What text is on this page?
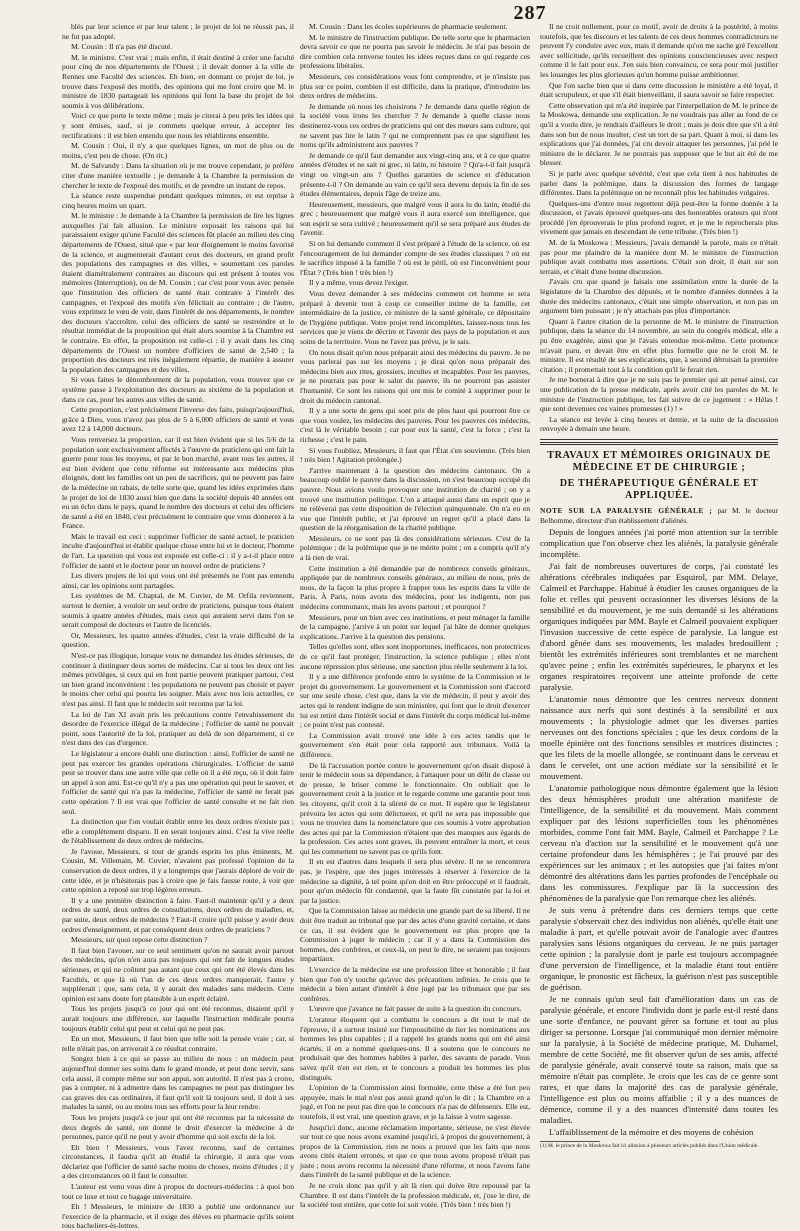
287

blés par leur science et par leur talent ; le projet de loi ne réussit pas, il ne fut pas adopté.

M. Cousin : Il n'a pas été discuté.

M. le ministre. C'est vrai ; mais enfin, il était destiné à créer une faculté pour cinq de nos départements de l'Ouest ; il devait donner à la ville de Rennes une Faculté des sciences. Eh bien, en donnant ce projet de loi, je trouve dans l'exposé des motifs, des opinions qui me font croire que M. le ministre de 1830 partageait les opinions qui font la base du projet de loi soumis à vos délibérations.

Voici ce que porte le texte même ; mais je citerai à peu près les idées qui y sont émises, sauf, si je commets quelque erreur, à accepter les rectifications : il est bien entendu que nous les rétablirons ensemble.

M. Cousin : Oui, il n'y a que quelques lignes, un mot de plus ou de moins, c'est peu de chose. (On rit.)

M. de Salvandy : Dans la situation où je me trouve cependant, je préfère citer d'une manière textuelle ; je demande à la Chambre la permission de chercher le texte de l'exposé des motifs, et de prendre un instant de repos.

La séance reste suspendue pendant quelques minutes, et est reprise à cinq heures moins un quart.

M. le ministre : Je demande à la Chambre la permission de lire les lignes auxquelles j'ai fait allusion. Le ministre exposait les raisons qui lui paraissaient exiger qu'une Faculté des sciences fût placée au milieu des cinq départements de l'Ouest, situé que « par leur éloignement le moins favorisé de la science, et augmenterait d'autant ceux des docteurs, en grand profit des populations des campagnes et des villes, » soumettant ces paroles étaient diamétralement contraires au discours qui est présent à toutes vos mémoires (Interruption), ou de M. Cousin ; car c'est pour vous avec pensée que l'institution des officiers de santé était contraire à l'intérêt des campagnes, et l'exposé des motifs s'en félicitait au contraire ; de l'autre, vous exprimez le vœu de voir, dans l'intérêt de nos départements, le nombre des docteurs s'accroître, celui des officiers de santé se restreindre et le résultat immédiat de la proposition qui était alors soumise à la Chambre est le contraire. En effet, la proposition est celle-ci : il y avait dans les cinq départements de l'Ouest un nombre d'officiers de santé de 2,540 ; la proportion des docteurs est très inégalement répartie, de manière à assurer la population des campagnes et des villes.

Si vous faites le dénombrement de la population, vous trouvez que ce système passe à l'exploitation des docteurs au sixième de la population et dans ce cas, pour les autres aux villes de santé.

Cette proportion, c'est précisément l'inverse des faits, puisqu'aujourd'hui, grâce à Dieu, vous n'avez pas plus de 5 à 6,000 officiers de santé et vous avez 12 à 14,000 docteurs.

Vous renversez la proportion, car il est bien évident que si les 5/6 de la population sont exclusivement affectés à l'œuvre de praticiens qui ont fait la guerre pour tous les moyens, et par le bon marché, avant tous les autres, il est bien évident que cette réforme est intéressante aux médecins plus éloignés, dont les familles ont un peu de sacrifices, qui ne peuvent pas faire de la médecine un rabais, de telle sorte que, quand les idées exprimées dans le projet de loi de 1830 aussi bien que dans la société depuis 40 années ont eu un écho dans le pays, quand le nombre des docteurs et celui des officiers de santé a été en 1840, c'est précisément le contraire que vous donnerez à la France.

Mais le travail est ceci : supprimer l'officier de santé actuel, le praticien inculte d'aujourd'hui et établir quelque chose entre lui et le docteur, l'homme de l'art. La question qui vous est exposée est celle-ci : il y a-t-il place entre l'officier de santé et le docteur pour un nouvel ordre de praticiens ?

Les divers projets de loi qui vous ont été présentés ne l'ont pas entendu ainsi, car les opinions sont partagées.

Les systèmes de M. Chaptal, de M. Cuvier, de M. Orfila reviennent, surtout le dernier, à vouloir un seul ordre de praticiens, puisque tous étaient soumis à quatre années d'études, mais ceux qui auraient servi dans l'on se serait composé de docteurs et l'autre de licenciés.

Or, Messieurs, les quatre années d'études, c'est la vraie difficulté de la question.

N'est-ce pas illogique, lorsque vous ne demandez les études sérieuses, de continuer à distinguer deux sortes de médecins. Car si tous les deux ont les mêmes privilèges, si ceux qui en font partie peuvent pratiquer partout, c'est un bien grand inconvénient : les populations ne peuvent pas choisir et payer le moins cher celui qui pourra les soigner. Mais avec nos lois actuelles, ce n'est pas ainsi. Il faut que le médecin soit reconnu par la loi.

La loi de l'an XI avait pris les précautions contre l'envahissement du desordre de l'exercice illégal de la médecine ; l'officier de santé ne pouvait point, sous l'autorité de la loi, pratiquer au delà de son département, si ce n'est dans des cas d'urgence.

Le législateur a encore établi une distinction : ainsi, l'officier de santé ne peut pas exercer les grandes opérations chirurgicales. L'officier de santé peut se trouver dans une autre ville que celle où il a été reçu, où il doit faire un appel à son ami. Est-ce qu'il n'y a pas une opération qui peut le sauver, et l'officier de santé qui n'a pas la médecine, l'officier de santé ne ferait pas cette opération ? Il est vrai que l'officier de santé consulte et ne fait rien seul.

La distinction que l'on voulait établir entre les deux ordres n'existe pas ; elle a complètement disparu. Il en serait toujours ainsi. C'est la vive réelle de l'établissement de deux ordres de médecins.

Je l'avoue, Messieurs, si tout de grands esprits les plus éminents, M. Cousin, M. Villemain, M. Cuvier, n'avaient pas professé l'opinion de la conservation de deux ordres, il y a longtemps que j'aurais déploré de voir de cette idée, et je n'hésiterais pas à croire que je fais fausse route, à voir que cette opinion a reposé sur trop légères erreurs.

Il y a une première distinction à faire. Faut-il maintenir qu'il y a deux ordres de santé, deux ordres de consultations, deux ordres de maladies, et, par suite, deux ordres de médecins ? Faut-il croire qu'il puisse y avoir deux ordres d'enseignement, et par conséquent deux ordres de praticiens ?

Messieurs, sur quoi repose cette distinction ?

Il faut bien l'avouer, sur ce seul sentiment qu'on ne saurait avoir partout des médecins, qu'on n'en aura pas toujours qui ont fait de longues études sérieuses, et qui ne coûtent pas autant que ceux qui ont été élevés dans les Facultés, et que là où l'un de ces deux ordres manquerait, l'autre y suppléerait ; que, sans cela, il y aurait des malades sans médecin. Cette opinion est sans doute fort plausible à un esprit éclairé.

Tous les projets jusqu'à ce jour qui ont été reconnus, disaient qu'il y aurait toujours une différence, sur laquelle l'instruction médicale pourra toujours établir celui qui peut et celui qui ne peut pas.

En un mot, Messieurs, il faut bien que telle soit la pensée vraie ; car, si telle n'était pas, on arriverait à ce résultat contraire.

Songez bien à ce qui se passe au milieu de nous : un médecin peut aujourd'hui donner ses soins dans le grand monde, et peut donc servir, sans cela aussi, il compte même sur son appui, son autorité. Il n'est pas à croire, pas à compter, ni à admettre dans les campagnes ne peut pas distinguer les cas graves des cas ordinaires, il faut qu'il soit là toujours seul, il doit à ses malades la santé, ou au moins tous ses efforts pour la leur rendre.

Tous les projets jusqu'à ce jour qui ont été reconnus par la nécessité de deux degrés de santé, ont donné le droit d'exercer la médecine à de personnes, parce qu'il ne peut y avoir d'homme qui soit exclu de la loi.

Eh bien ! Messieurs, vous l'avez reconnu, sauf de certaines circonstances, il faudra qu'il ait étudié la chirurgie, il aura que vous déclariez que l'officier de santé sache moins de choses, moins d'études ; il y a des circonstances où il faut le consulter.

L'auteur est venu vous dire à propos de docteurs-médecins : à quoi bon tout ce luxe et tout ce bagage universitaire.

Eh ! Messieurs, le ministre de 1830 a publié une ordonnance sur l'exercice de la pharmacie, et il exige des élèves en pharmacie qu'ils soient tous bacheliers-ès-lettres.

M. Cousin : Dans les écoles supérieures de pharmacie seulement.

M. le ministre de l'instruction publique. De telle sorte que le pharmacien devra savoir ce que ne pourra pas savoir le médecin. Je n'ai pas besoin de dire combien cela renverse toutes les idées reçues dans ce qui regarde ces professions libérales.

Messieurs, ces considérations vous font comprendre, et je n'insiste pas plus sur ce point, combien il est difficile, dans la pratique, d'introduire les deux ordres de médecins.

Je demande où nous les choisirons ? Je demande dans quelle région de la société vous irons les chercher ? Je demande à quelle classe nous destinerez-vous ces ordres de praticiens qui ont des mœurs sans culture, qui ne savent pas lire le latin ? qui ne comprennent pas ce que signifient les noms qu'ils administrent aux pauvres ?

Je demande ce qu'il faut demander aux vingt-cinq ans, et à ce que quatre années d'études et ne sait ni grec, ni latin, ni histoire ? Qu'a-t-il fait jusqu'à vingt ou vingt-un ans ? Quelles garanties de science et d'éducation présente-t-il ? On demande au vain ce qu'il sera devenu depuis la fin de ses études élémentaires, depuis l'âge de treize ans.

Heureusement, messieurs, que malgré vous il aura lu du latin, étudié du grec ; heureusement que malgré vous il aura exercé son intelligence, que son esprit se sera cultivé ; heureusement qu'il se sera préparé aux études de l'avenir.

Si on lui demande comment il s'est préparé à l'étude de la science, où est l'encouragement de lui demander compte de ses études classiques ? où est le sacrifice imposé à la famille ? où est le péril, où est l'inconvénient pour l'État ? (Très bien ! très bien !)

Il y a même, vous devez l'exiger.

Vous devez demander à ses médecins comment cet homme se sera préparé à devenir tout à coup ce conseiller intime de la famille, cet intermédiaire de la justice, ce ministre de la santé générale, ce dépositaire de l'hygiène publique. Votre projet rend incomplètes, laissez-nous tous les services que je viens de décrire et l'avenir des pays de la population et aux soins de la territoire. Vous ne l'avez pas prévu, je le sais.

On nous disait qu'on nous préparait ainsi des médecins du pauvre. Je ne vous parlerai pas sur les moyens ; je dirai qu'on nous préparait des médecins bien aux rites, grossiers, incultes et incapables. Pour les pauvres, je ne pourrais pas pour le salut du pauvre, ils ne pourront pas assister l'humanité. Ce sont les raisons qui ont mis le comité à supprimer pour le droit du médecin cantonal.

Il y a une sorte de gens qui sont pris de plus haut qui pourront être ce que vous voulez, les médecins des pauvres. Pour les pauvres ces médecins, c'est là le véritable besoin ; car pour eux la santé, c'est la force ; c'est la richesse ; c'est le pain.

Si vous l'oubliez, Messieurs, il faut que l'État s'en souvienne. (Très bien ! très bien ! Agitation prolongée.)

J'arrive maintenant à la question des médecins cantonaux. On a beaucoup oublié le pauvre dans la discussion, on s'est beaucoup occupé du pauvre. Nous avions voulu provoquer une institution de charité ; on y a trouvé une institution politique. L'on a attaqué aussi dans un esprit que je ne relèverai pas cette disposition de l'élection quinquennale. On n'a eu en vue que l'intérêt public, et j'ai éprouvé un regret qu'il a placé dans la question de la réorganisation de la charité publique.

Messieurs, ce ne sont pas là des considérations sérieuses. C'est de la polémique ; de la polémique que je ne mérite point ; on a compris qu'il n'y a là rien de vrai.

Cette institution a été demandée par de nombreux conseils généraux, appliquée par de nombreux conseils généraux, au milieu de nous, près de nous, de la façon la plus propre à frapper tous les esprits dans la ville de Paris. À Paris, nous avons des médecins, pour les indigents, non pas médecins communaux, mais les avons partout ; et pourquoi ?

Messieurs, pour un bien avec ces institutions, et peut ménager la famille de la campagne, j'arrive à un point sur lequel j'ai hâte de donner quelques explications. J'arrive à la question des pensions.

Telles qu'elles sont, elles sont inopportunes, inefficaces, non protectrices de ce qu'il faut protéger, l'instruction, la science publique ; elles n'ont aucune répression plus sérieuse, une sanction plus réelle seulement à la loi.

Il y a une différence profonde entre le système de la Commission et le projet du gouvernement. Le gouvernement et la Commission sont d'accord sur une seule chose, c'est que, dans la vie de médecin, il peut y avoir des actes qui le rendent indigne de son ministère, qui font que le droit d'exercer lui est retiré dans l'intérêt social et dans l'intérêt du corps médical lui-même ; ce point n'est pas contesté.

La Commission avait trouvé une idée à ces actes tandis que le gouvernement s'en était pour cela rapporté aux tribunaux. Voilà la différence.

De là l'accusation portée contre le gouvernement qu'on disait disposé à tenir le médecin sous sa dépendance, à l'attaquer pour un délit de classe ou de presse, le briser comme le fonctionnaire. On oubliait que le gouvernement croit à la justice et le regarde comme une garantie pour tous les citoyens, qu'il croit à la sûreté de ce mot. Il espère que le législateur prévoira les actes qui sont délictueux, et qu'il ne sera pas impossible que vous ne trouviez dans la nomenclature que ces soumis à votre approbation des actes qui par la Commission n'étaient que des manques aux égards de la profession. Ces actes sont graves, ils peuvent entraîner la mort, et ceux qui les commettent ne savent pas ce qu'ils font.

Il en est d'autres dans lesquels il sera plus sévère. Il ne se rencontrera pas, je l'espère, que des juges intéressés à réserver à l'exercice de la médecine sa dignité, à tel point qu'on doit en être préoccupé et il faudrait, pour qu'un médecin fût condamné, que la faute fût constatée par la loi et par la justice.

Que la Commission laisse au médecin une grande part de sa liberté. Il ne doit être traduit au tribunal que par des actes d'une gravité certaine, et dans ce cas, il est évident que le gouvernement est plus propre que la Commission à juger le médecin ; car il y a dans la Commission des hommes, des confrères, et ceux-là, on peut le dire, ne seraient pas toujours impartiaux.

L'exercice de la médecine est une profession libre et honorable ; il faut bien que l'on n'y touche qu'avec des précautions infinies. Je crois que le médecin a bien autant d'intérêt à être jugé par les tribunaux que par ses confrères.

L'œuvre que j'avance ne fait passer de suite à la question du concours.

L'orateur éloquent qui a combattu le concours a dit tout le mal de l'épreuve, il a surtout insisté sur l'impossibilité de lier les nominations aux hommes les plus capables ; il a rappelé les grands noms qui ont été ainsi écartés, il en a nommé quelques-uns. Il a soutenu que le concours ne produisait que des hommes habiles à parler, des savants de parade. Vous savez qu'il n'en est rien, et le concours a produit les hommes les plus distingués.

L'opinion de la Commission ainsi formulée, cette thèse a été fort peu appuyée, mais le mal n'est pas aussi grand qu'on le dit ; la Chambre en a jugé, et l'on ne peut pas dire que le concours n'a pas de défenseurs. Elle est, toutefois, il est vrai, une question grave, et je la laisse à votre sagesse.

Jusqu'ici donc, aucune réclamation importante, sérieuse, ne s'est élevée sur tout ce que nous avons examiné jusqu'ici, à propos du gouvernement, à propos de la Commission, rien ne nous a prouvé que les faits que nous avons cités étaient erronés, et que ce que nous avons proposé n'était pas juste ; nous avons reconnu la nécessité d'une réforme, et nous l'avons faite dans l'intérêt de la santé publique et de la science.

Je ne crois donc pas qu'il y ait là rien qui doive être repoussé par la Chambre. Il est dans l'intérêt de la profession médicale, et, j'ose le dire, de la société tout entière, que cette loi soit votée. (Très bien ! très bien !)

Il ne croit nullement, pour ce motif, avoir de droits à la postérité, à moins toutefois, que les discours et les talents de ces deux hommes contradicteurs ne peuvent l'y conduire avec eux, mais il demande qu'on me sache gré l'excellent avec sollicitude, qu'ils recueillent des opinions consciencieuses avec respect comme il le fait pour eux. J'en suis bien convaincu, ce sera pour moi justifier les louanges les plus glorieuses qu'un homme puisse ambitionner.

Que l'on sache bien que si dans cette discussion le ministère a été loyal, il était scrupuleux, et que s'il était bienveillant, il saura savoir se faire respecter.

Cette observation qui m'a été inspirée par l'interpellation de M. le prince de la Moskowa, demande une explication. Je ne voudrais pas aller au fond de ce qu'il a voulu dire, je rendrais d'ailleurs le droit ; mais je dois dire que s'il a été dans son but de nous insulter, c'est un tort de sa part. Quant à moi, si dans les explications que j'ai données, j'ai cru devoir attaquer les personnes, j'ai prié le ministre de le déclarer. Je ne pourrais pas supposer que le but ait été de me blesser.

Si je parle avec quelque sévérité, c'est que cela tient à nos habitudes de parler dans la polémique, dans la discussion des formes de langage différentes. Dans la polémique on ne reconnaît plus les habitudes vulgaires.

Quelques-uns d'entre nous regrettent déjà peut-être la forme donnée à la discussion, et j'avais éprouvé quelques-uns des honorables orateurs qui n'ont procédé j'en éprouverais le plus profond regret, et je me le reprocherais plus vivement que jamais en descendant de cette tribune. (Très bien !)

M. de la Moskowa : Messieurs, j'avais demandé la parole, mais ce n'était pas pour me plaindre de la manière dont M. le ministre de l'instruction publique avait combattu mes assertions. C'était son droit, il était sur son terrain, et c'était d'une bonne discussion.

J'avais cru que quand je faisais une assimilation entre la durée de la législature de la Chambre des députés, et le nombre d'années données à la durée des médecins cantonaux, c'était une simple observation, et non pas un argument bien puissant ; je n'y attachais pas plus d'importance.

Quant à l'autre citation de la personne de M. le ministre de l'instruction publique, dans la séance du 14 novembre, au sein du congrès médical, elle a pu être exagérée, ainsi que je l'avais entendue moi-même. Cette prononce m'avait paru, et devait être en effet plus formelle que ne le croit M. le ministre. Il est résulté de ses explications, que, à second détruisait la première citation ; il promettait tout à la condition qu'il le ferait rien.

Je me bornerai à dire que je ne suis pas le premier qui ait pensé ainsi, car une publication de la presse médicale, après avoir cité les paroles de M. le ministre de l'instruction publique, les fait suivre de ce jugement : « Hélas ! que sont devenues ces vaines promesses (1) ! »

La séance est levée à cinq heures et demie, et la suite de la discussion renvoyée à demain une heure.

TRAVAUX ET MÉMOIRES ORIGINAUX DE MÉDECINE ET DE CHIRURGIE ;
DE THÉRAPEUTIQUE GÉNÉRALE ET APPLIQUÉE.

NOTE SUR LA PARALYSIE GÉNÉRALE ; par M. le docteur Belhomme, directeur d'un établissement d'aliénés.

Depuis de longues années j'ai porté mon attention sur la terrible complication que l'on observe chez les aliénés, la paralysie générale incomplète.

J'ai fait de nombreuses ouvertures de corps, j'ai constaté les altérations cérébrales indiquées par Esquirol, par MM. Delaye, Calmeil et Parchappe. Habitué à étudier les causes organiques de la folie et celles qui peuvent occasionner les diverses lésions de la sensibilité et du mouvement, je me suis demandé si les altérations organiques indiquées par MM. Bayle et Calmeil pouvaient expliquer l'invasion successive de cette espèce de paralysie. La langue est d'abord gênée dans ses mouvements, les malades bredouillent ; bientôt les extrémités inférieures sont tremblantes et ne marchent qu'avec peine ; enfin les extrémités supérieures, le pharynx et les organes respiratoires reçoivent une atteinte profonde de cette paralysie.

L'anatomie nous démontre que les centres nerveux donnent naissance aux nerfs qui sont destinés à la sensibilité et aux mouvements ; la physiologie admet que les diverses parties nerveuses ont des fonctions spéciales ; que les deux cordons de la moelle épinière ont des fonctions sensibles et motrices distinctes ; que les filets de la moelle allongée, se continuant dans le cerveau et dans le cervelet, ont une action médiate sur la sensibilité et le mouvement.

L'anatomie pathologique nous démontre également que la lésion des deux hémisphères produit une altération manifeste de l'intelligence, de la sensibilité et du mouvement. Mais comment expliquer par des lésions superficielles tous les phénomènes morbides, comme l'ont fait MM. Bayle, Calmeil et Parchappe ? Le cerveau n'a d'action sur la sensibilité et le mouvement qu'à une certaine profondeur dans les hémisphères ; je l'ai prouvé par des expériences sur les animaux ; et les autopsies que j'ai faites m'ont démontré des altérations dans les parties profondes de l'encéphale ou dans les commissures. J'explique par là la succession des phénomènes de la paralysie que l'on remarque chez les aliénés.

Je suis venu à prétendre dans ces derniers temps que cette paralysie s'observait chez des individus non aliénés, qu'elle était une maladie à part, et qu'elle pouvait avoir de l'analogie avec d'autres paralysies sans lésions organiques du cerveau. Je ne puis partager cette opinion ; la paralysie dont je parle est toujours accompagnée d'une perversion de l'intelligence, et la maladie étant tout entière organique, le pronostic est fâcheux, la guérison n'est pas susceptible de guérison.

Je ne connais qu'un seul fait d'amélioration dans un cas de paralysie générale, et encore l'individu dont je parle est-il resté dans une sorte d'enfance, ne pouvant gérer sa fortune et tout au plus diriger sa personne. Lorsque j'ai communiqué mon dernier mémoire sur la paralysie, à la Société de médecine pratique, M. Duhamel, membre de cette Société, me fit observer qu'un de ses amis, affecté de paralysie générale, avait conservé toute sa raison, mais que sa mémoire n'était pas complète. Je crois que les cas de ce genre sont rares, et que dans la majorité des cas de paralysie générale, l'intelligence est plus ou moins affaiblie ; il y a des nuances de démence, comme il y a des nuances d'intensité dans toutes les maladies.

L'affaiblissement de la mémoire et des moyens de cohésion

(1) M. le prince de la Moskowa fait ici allusion à plusieurs articles publiés dans l'Union médicale.
